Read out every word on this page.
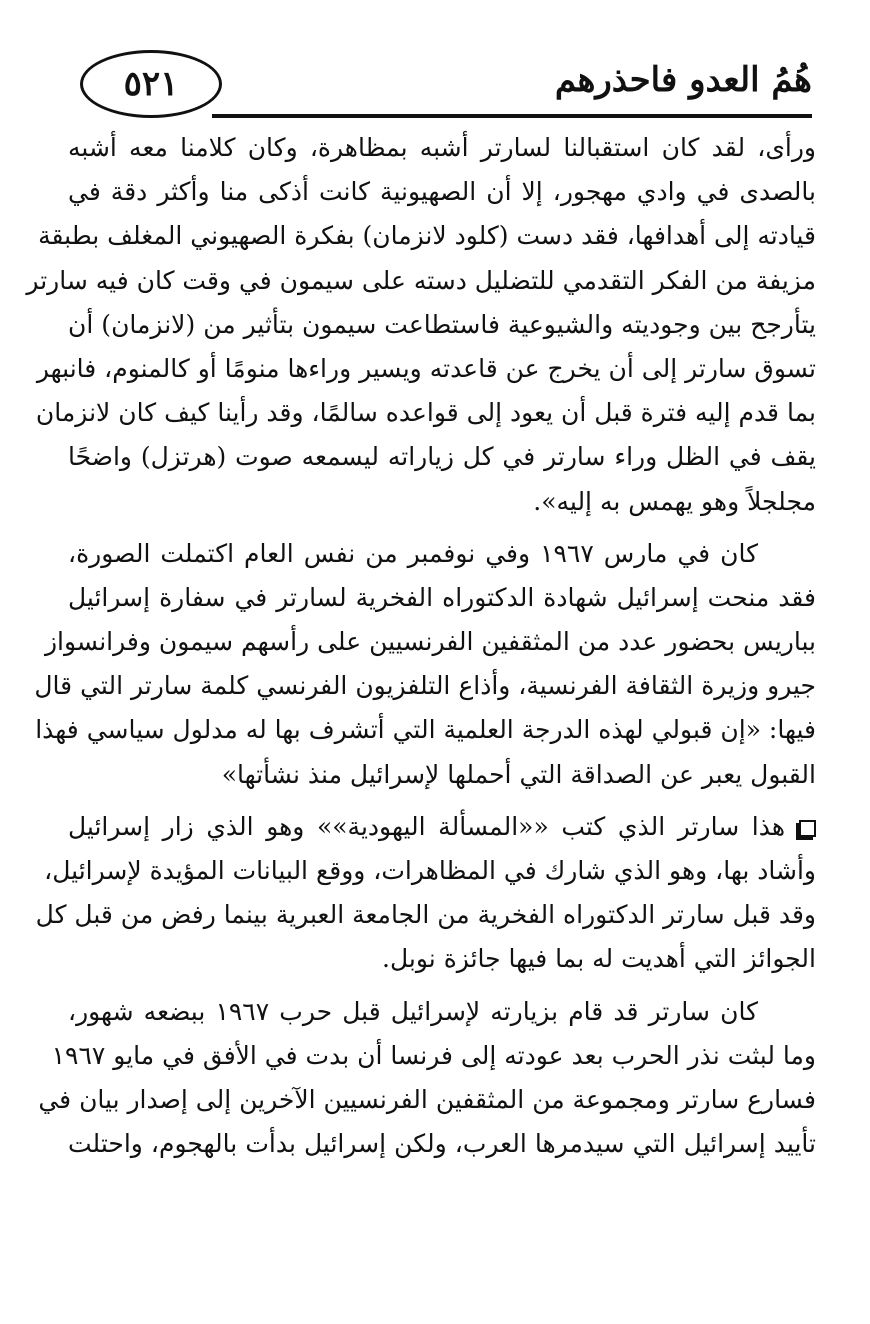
٥٢١	هُمُ العدو فاحذرهم
ورأى، لقد كان استقبالنا لسارتر أشبه بمظاهرة، وكان كلامنا معه أشبه
بالصدى في وادي مهجور، إلا أن الصهيونية كانت أذكى منا وأكثر دقة في
قيادته إلى أهدافها، فقد دست (كلود لانزمان) بفكرة الصهيوني المغلف بطبقة
مزيفة من الفكر التقدمي للتضليل دسته على سيمون في وقت كان فيه سارتر
يتأرجح بين وجوديته والشيوعية فاستطاعت سيمون بتأثير من (لانزمان) أن
تسوق سارتر إلى أن يخرج عن قاعدته ويسير وراءها منومًا أو كالمنوم، فانبهر
بما قدم إليه فترة قبل أن يعود إلى قواعده سالمًا، وقد رأينا كيف كان لانزمان
يقف في الظل وراء سارتر في كل زياراته ليسمعه صوت (هرتزل) واضحًا
مجلجلاً وهو يهمس به إليه».
كان في مارس ١٩٦٧ وفي نوفمبر من نفس العام اكتملت الصورة،
فقد منحت إسرائيل شهادة الدكتوراه الفخرية لسارتر في سفارة إسرائيل
بباريس بحضور عدد من المثقفين الفرنسيين على رأسهم سيمون وفرانسواز
جيرو وزيرة الثقافة الفرنسية، وأذاع التلفزيون الفرنسي كلمة سارتر التي قال
فيها: «إن قبولي لهذه الدرجة العلمية التي أتشرف بها له مدلول سياسي فهذا
القبول يعبر عن الصداقة التي أحملها لإسرائيل منذ نشأتها»
هذا سارتر الذي كتب ««المسألة اليهودية»» وهو الذي زار إسرائيل
وأشاد بها، وهو الذي شارك في المظاهرات، ووقع البيانات المؤيدة لإسرائيل،
وقد قبل سارتر الدكتوراه الفخرية من الجامعة العبرية بينما رفض من قبل كل
الجوائز التي أهديت له بما فيها جائزة نوبل.
كان سارتر قد قام بزيارته لإسرائيل قبل حرب ١٩٦٧ ببضعه شهور،
وما لبثت نذر الحرب بعد عودته إلى فرنسا أن بدت في الأفق في مايو ١٩٦٧
فسارع سارتر ومجموعة من المثقفين الفرنسيين الآخرين إلى إصدار بيان في
تأييد إسرائيل التي سيدمرها العرب، ولكن إسرائيل بدأت بالهجوم، واحتلت
